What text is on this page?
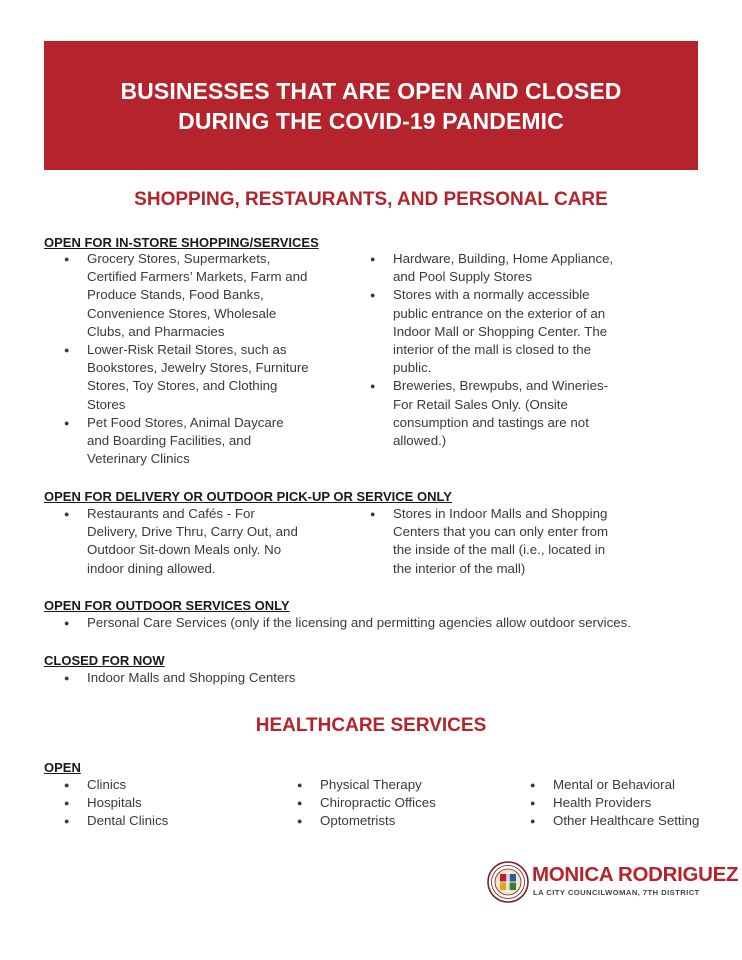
BUSINESSES THAT ARE OPEN AND CLOSED
DURING THE COVID-19 PANDEMIC
SHOPPING, RESTAURANTS, AND PERSONAL CARE
OPEN FOR IN-STORE SHOPPING/SERVICES
● Grocery Stores, Supermarkets, Certified Farmers’ Markets, Farm and Produce Stands, Food Banks, Convenience Stores, Wholesale Clubs, and Pharmacies
● Lower-Risk Retail Stores, such as Bookstores, Jewelry Stores, Furniture Stores, Toy Stores, and Clothing Stores
● Pet Food Stores, Animal Daycare and Boarding Facilities, and Veterinary Clinics
● Hardware, Building, Home Appliance, and Pool Supply Stores
● Stores with a normally accessible public entrance on the exterior of an Indoor Mall or Shopping Center. The interior of the mall is closed to the public.
● Breweries, Brewpubs, and Wineries- For Retail Sales Only. (Onsite consumption and tastings are not allowed.)
OPEN FOR DELIVERY OR OUTDOOR PICK-UP OR SERVICE ONLY
● Restaurants and Cafés - For Delivery, Drive Thru, Carry Out, and Outdoor Sit-down Meals only. No indoor dining allowed.
● Stores in Indoor Malls and Shopping Centers that you can only enter from the inside of the mall (i.e., located in the interior of the mall)
OPEN FOR OUTDOOR SERVICES ONLY
● Personal Care Services (only if the licensing and permitting agencies allow outdoor services.
CLOSED FOR NOW
● Indoor Malls and Shopping Centers
HEALTHCARE SERVICES
OPEN
● Clinics
● Hospitals
● Dental Clinics
● Physical Therapy
● Chiropractic Offices
● Optometrists
● Mental or Behavioral
● Health Providers
● Other Healthcare Setting
MONICA RODRIGUEZ
LA CITY COUNCILWOMAN, 7TH DISTRICT
